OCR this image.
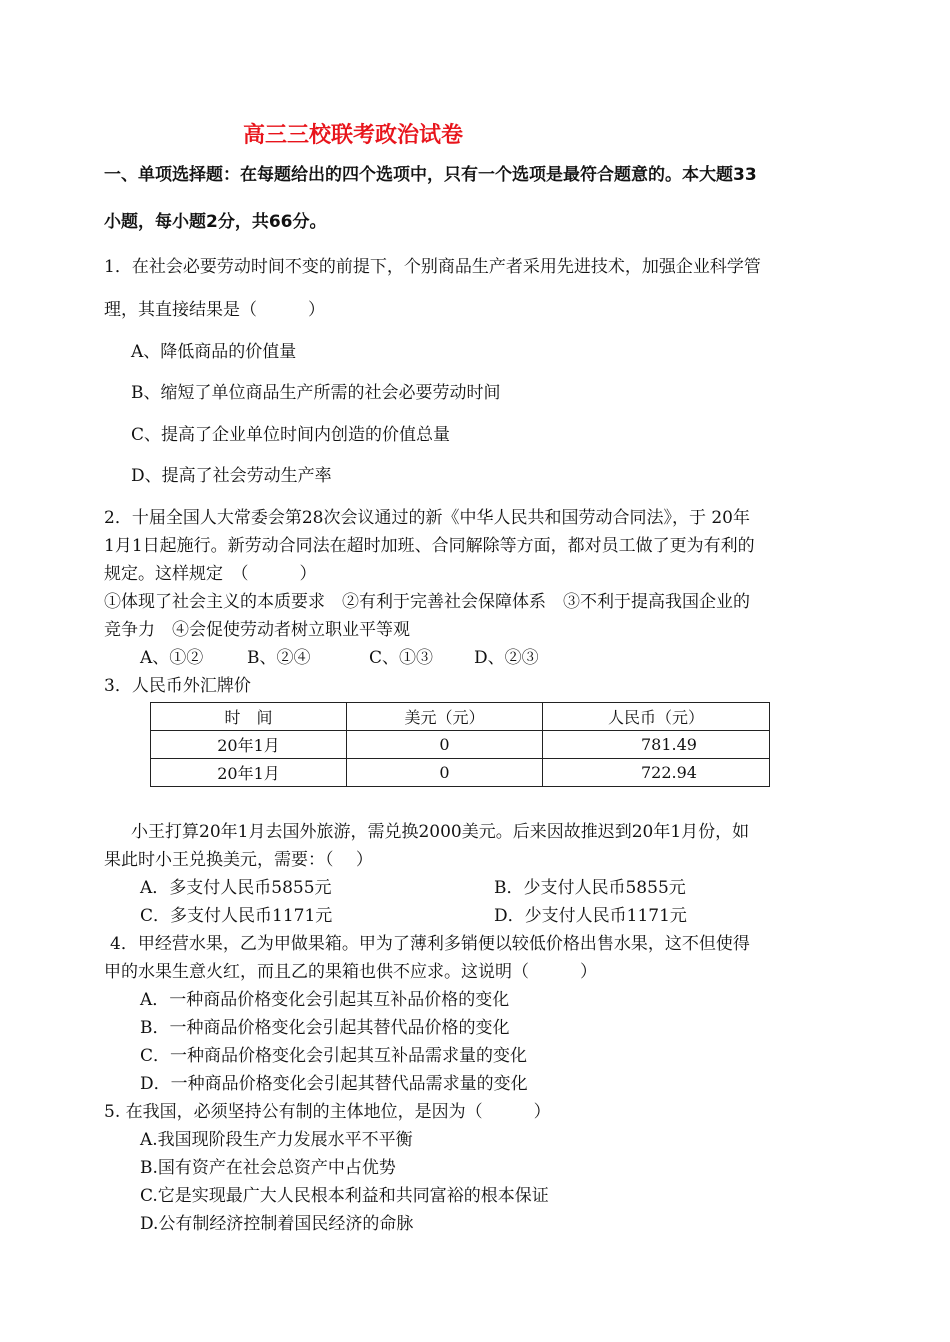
高三三校联考政治试卷
一、单项选择题：在每题给出的四个选项中，只有一个选项是最符合题意的。本大题33
小题，每小题2分，共66分。
1．在社会必要劳动时间不变的前提下，个别商品生产者采用先进技术，加强企业科学管
理，其直接结果是（　　　）
A、降低商品的价值量
B、缩短了单位商品生产所需的社会必要劳动时间
C、提高了企业单位时间内创造的价值总量
D、提高了社会劳动生产率
2．十届全国人大常委会第28次会议通过的新《中华人民共和国劳动合同法》，于 20年
1月1日起施行。新劳动合同法在超时加班、合同解除等方面，都对员工做了更为有利的
规定。这样规定　（　　　）
①体现了社会主义的本质要求　②有利于完善社会保障体系　③不利于提高我国企业的
竞争力　④会促使劳动者树立职业平等观
A、①②	B、②④	C、①③ D、②③
3．人民币外汇牌价
时　间	美元（元）	人民币（元）
20年1月	0	781.49
20年1月	0	722.94
小王打算20年1月去国外旅游，需兑换2000美元。后来因故推迟到20年1月份，如
果此时小王兑换美元，需要：（　 ）
A．多支付人民币5855元	B．少支付人民币5855元
C．多支付人民币1171元	D．少支付人民币1171元
4．甲经营水果，乙为甲做果箱。甲为了薄利多销便以较低价格出售水果，这不但使得
甲的水果生意火红，而且乙的果箱也供不应求。这说明（　　　）
A．一种商品价格变化会引起其互补品价格的变化
B．一种商品价格变化会引起其替代品价格的变化
C．一种商品价格变化会引起其互补品需求量的变化
D．一种商品价格变化会引起其替代品需求量的变化
5. 在我国，必须坚持公有制的主体地位，是因为（　　　）
A.我国现阶段生产力发展水平不平衡
B.国有资产在社会总资产中占优势
C.它是实现最广大人民根本利益和共同富裕的根本保证
D.公有制经济控制着国民经济的命脉
